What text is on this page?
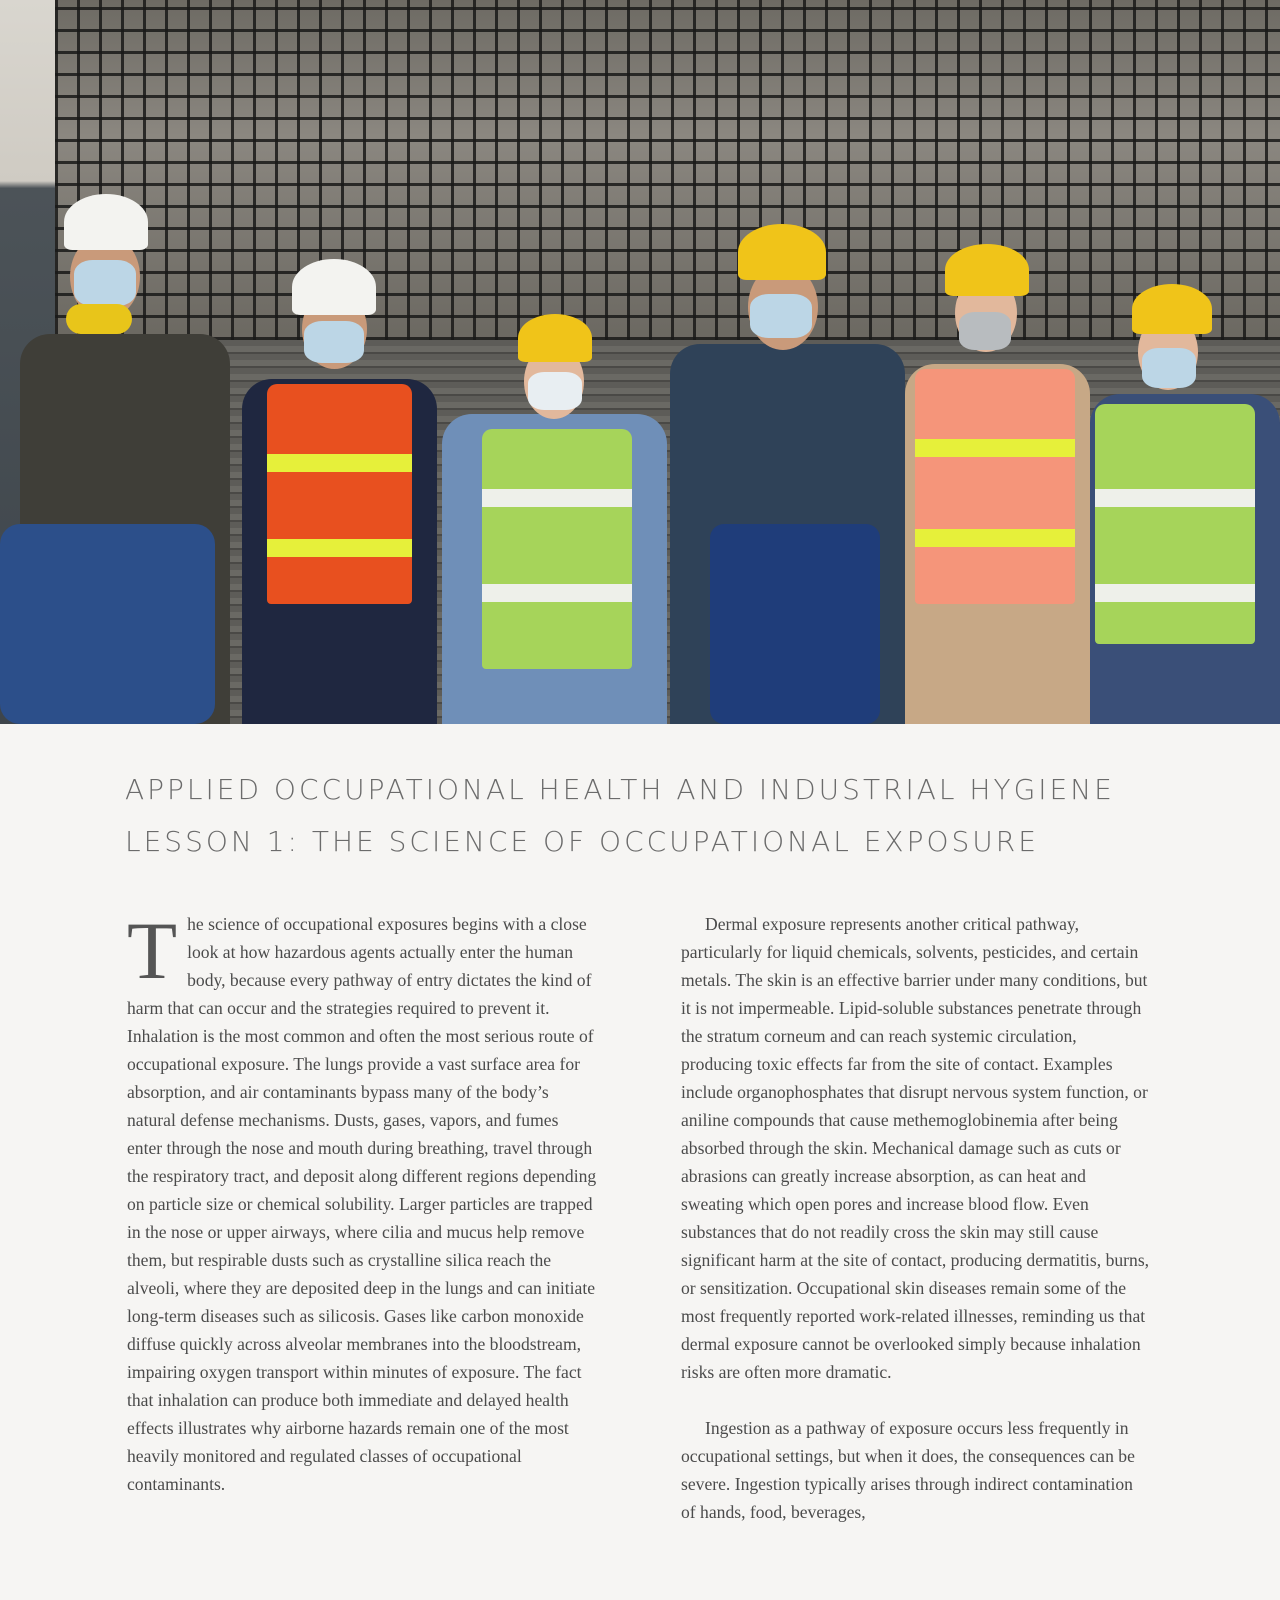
APPLIED OCCUPATIONAL HEALTH AND INDUSTRIAL HYGIENE
LESSON 1: THE SCIENCE OF OCCUPATIONAL EXPOSURE

The science of occupational exposures begins with a close look at how hazardous agents actually enter the human body, because every pathway of entry dictates the kind of harm that can occur and the strategies required to prevent it. Inhalation is the most common and often the most serious route of occupational exposure. The lungs provide a vast surface area for absorption, and air contaminants bypass many of the body’s natural defense mechanisms. Dusts, gases, vapors, and fumes enter through the nose and mouth during breathing, travel through the respiratory tract, and deposit along different regions depending on particle size or chemical solubility. Larger particles are trapped in the nose or upper airways, where cilia and mucus help remove them, but respirable dusts such as crystalline silica reach the alveoli, where they are deposited deep in the lungs and can initiate long-term diseases such as silicosis. Gases like carbon monoxide diffuse quickly across alveolar membranes into the bloodstream, impairing oxygen transport within minutes of exposure. The fact that inhalation can produce both immediate and delayed health effects illustrates why airborne hazards remain one of the most heavily monitored and regulated classes of occupational contaminants.

Dermal exposure represents another critical pathway, particularly for liquid chemicals, solvents, pesticides, and certain metals. The skin is an effective barrier under many conditions, but it is not impermeable. Lipid-soluble substances penetrate through the stratum corneum and can reach systemic circulation, producing toxic effects far from the site of contact. Examples include organophosphates that disrupt nervous system function, or aniline compounds that cause methemoglobinemia after being absorbed through the skin. Mechanical damage such as cuts or abrasions can greatly increase absorption, as can heat and sweating which open pores and increase blood flow. Even substances that do not readily cross the skin may still cause significant harm at the site of contact, producing dermatitis, burns, or sensitization. Occupational skin diseases remain some of the most frequently reported work-related illnesses, reminding us that dermal exposure cannot be overlooked simply because inhalation risks are often more dramatic.

Ingestion as a pathway of exposure occurs less frequently in occupational settings, but when it does, the consequences can be severe. Ingestion typically arises through indirect contamination of hands, food, beverages,
